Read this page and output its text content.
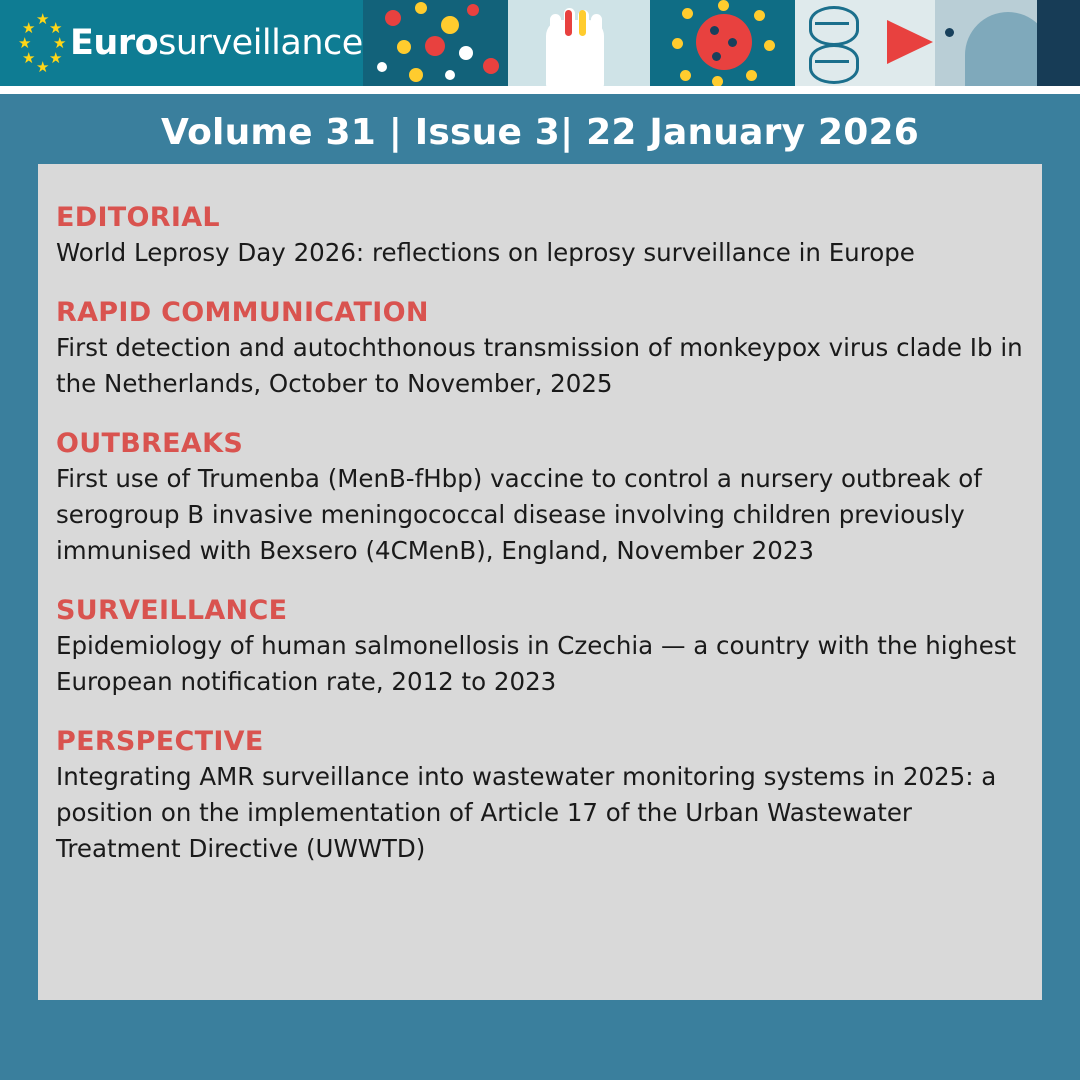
★
★ ★
★ ★
★ ★
★
Eurosurveillance
Volume 31 | Issue 3| 22 January 2026
EDITORIAL
World Leprosy Day 2026: reflections on leprosy surveillance in Europe
RAPID COMMUNICATION
First detection and autochthonous transmission of monkeypox virus clade Ib in the Netherlands, October to November, 2025
OUTBREAKS
First use of Trumenba (MenB-fHbp) vaccine to control a nursery outbreak of serogroup B invasive meningococcal disease involving children previously immunised with Bexsero (4CMenB), England, November 2023
SURVEILLANCE
Epidemiology of human salmonellosis in Czechia — a country with the highest European notification rate, 2012 to 2023
PERSPECTIVE
Integrating AMR surveillance into wastewater monitoring systems in 2025: a position on the implementation of Article 17 of the Urban Wastewater Treatment Directive (UWWTD)
